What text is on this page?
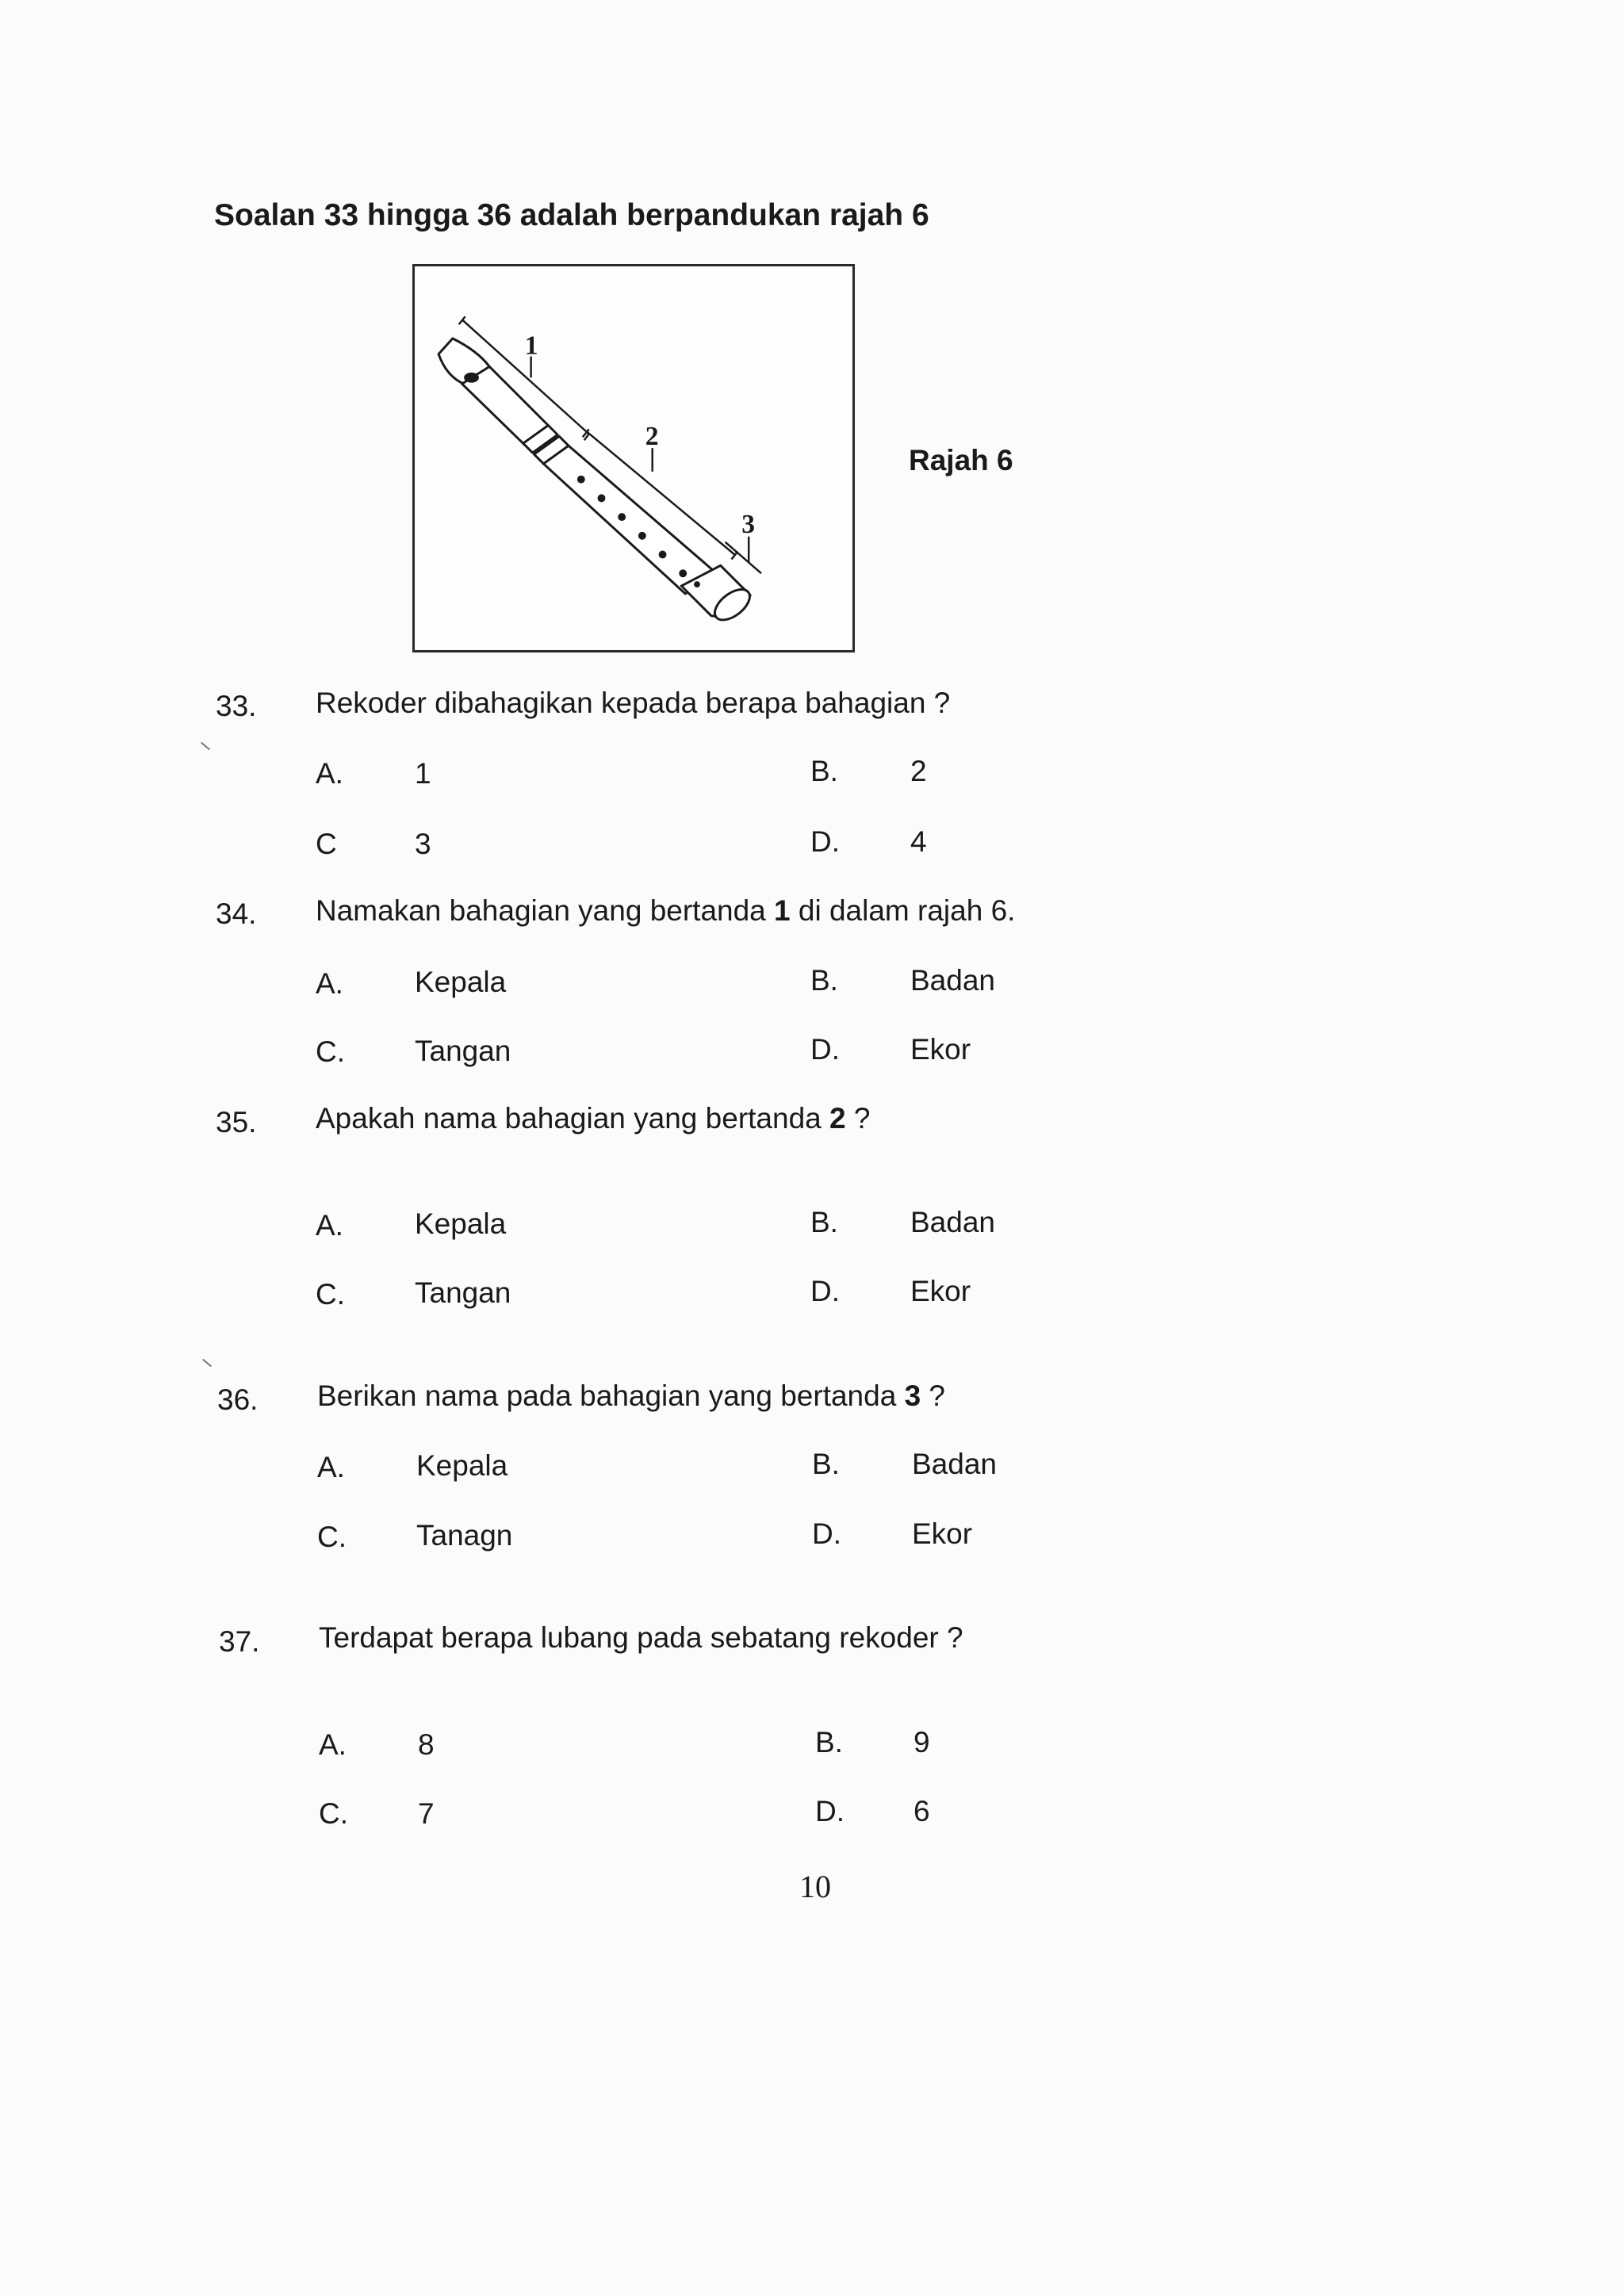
Soalan 33 hingga 36 adalah berpandukan rajah 6
1
2
3
Rajah 6
33. Rekoder dibahagikan kepada berapa bahagian ?
A. 1	B. 2
C	3	D. 4
34. Namakan bahagian yang bertanda 1 di dalam rajah 6.
A. Kepala	B. Badan
C. Tangan	D. Ekor
35. Apakah nama bahagian yang bertanda 2 ?
A. Kepala	B. Badan
C. Tangan	D. Ekor
36. Berikan nama pada bahagian yang bertanda 3 ?
A. Kepala	B. Badan
C. Tanagn	D. Ekor
37. Terdapat berapa lubang pada sebatang rekoder ?
A. 8	B. 9
C. 7	D. 6
10
